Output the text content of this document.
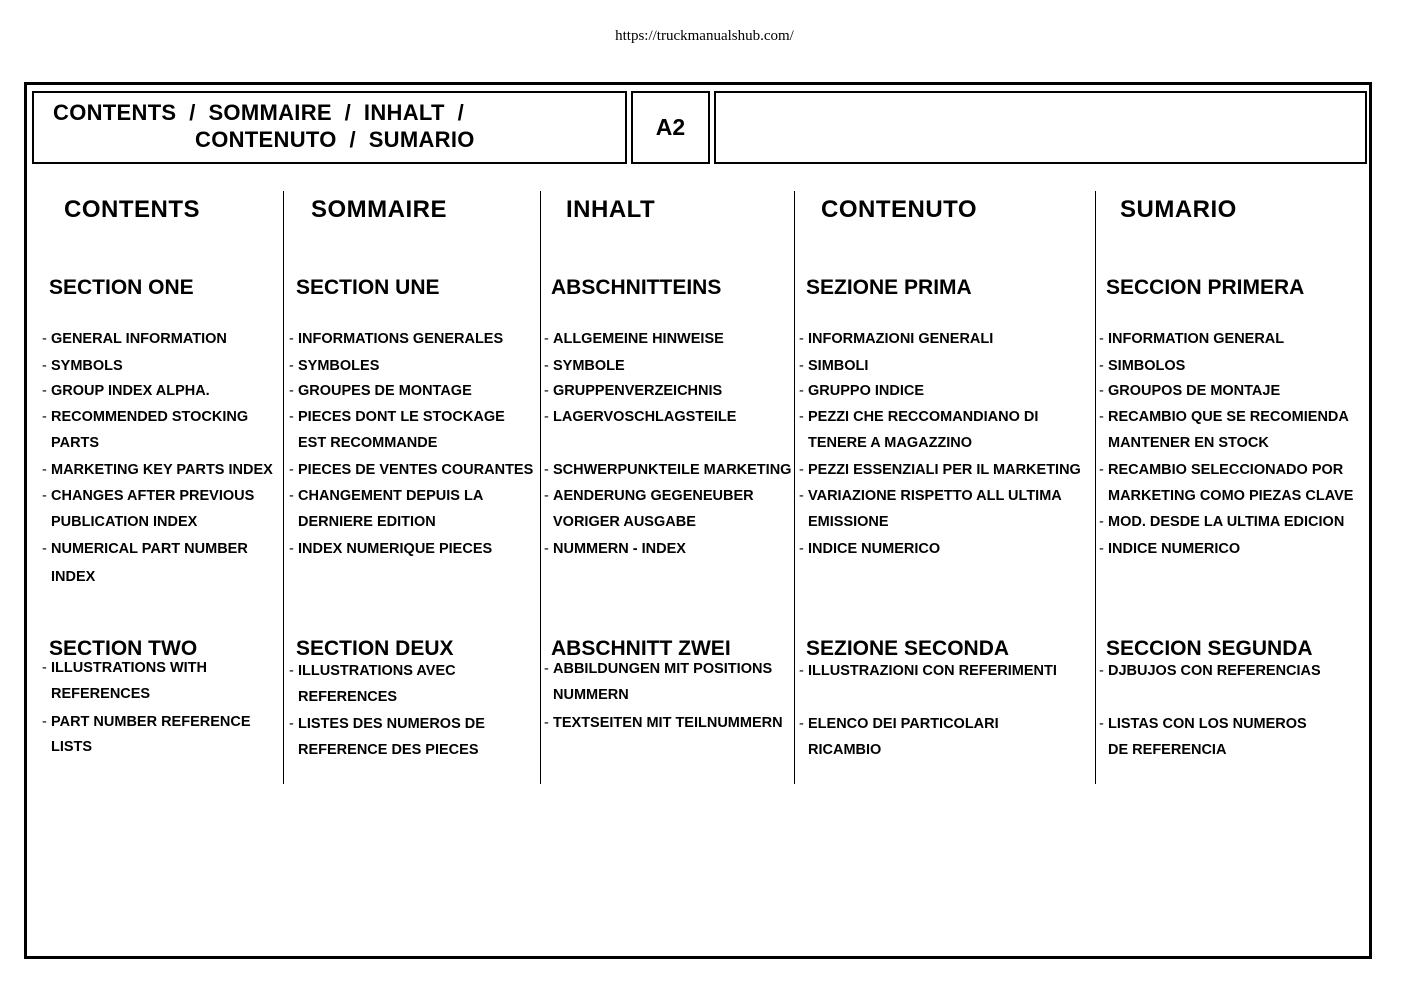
https://truckmanualshub.com/
CONTENTS  /  SOMMAIRE  /  INHALT  /
CONTENUTO  /  SUMARIO	A2
CONTENTS
SECTION ONE
- GENERAL INFORMATION
- SYMBOLS
- GROUP INDEX ALPHA.
- RECOMMENDED STOCKING
PARTS
- MARKETING KEY PARTS INDEX
- CHANGES AFTER PREVIOUS
PUBLICATION INDEX
- NUMERICAL PART NUMBER
INDEX
SECTION TWO
- ILLUSTRATIONS WITH
REFERENCES
- PART NUMBER REFERENCE
LISTS
SOMMAIRE
SECTION UNE
- INFORMATIONS GENERALES
- SYMBOLES
- GROUPES DE MONTAGE
- PIECES DONT LE STOCKAGE
EST RECOMMANDE
- PIECES DE VENTES COURANTES
- CHANGEMENT DEPUIS LA
DERNIERE EDITION
- INDEX NUMERIQUE PIECES
SECTION DEUX
- ILLUSTRATIONS AVEC
REFERENCES
- LISTES DES NUMEROS DE
REFERENCE DES PIECES
INHALT
ABSCHNITTEINS
- ALLGEMEINE HINWEISE
- SYMBOLE
- GRUPPENVERZEICHNIS
- LAGERVOSCHLAGSTEILE
- SCHWERPUNKTEILE MARKETING
- AENDERUNG GEGENEUBER
VORIGER AUSGABE
- NUMMERN - INDEX
ABSCHNITT ZWEI
- ABBILDUNGEN MIT POSITIONS
NUMMERN
- TEXTSEITEN MIT TEILNUMMERN
CONTENUTO
SEZIONE PRIMA
- INFORMAZIONI GENERALI
- SIMBOLI
- GRUPPO INDICE
- PEZZI CHE RECCOMANDIANO DI
TENERE A MAGAZZINO
- PEZZI ESSENZIALI PER IL MARKETING
- VARIAZIONE RISPETTO ALL ULTIMA
EMISSIONE
- INDICE NUMERICO
SEZIONE SECONDA
- ILLUSTRAZIONI CON REFERIMENTI
- ELENCO DEI PARTICOLARI
RICAMBIO
SUMARIO
SECCION PRIMERA
- INFORMATION GENERAL
- SIMBOLOS
- GROUPOS DE MONTAJE
- RECAMBIO QUE SE RECOMIENDA
MANTENER EN STOCK
- RECAMBIO SELECCIONADO POR
MARKETING COMO PIEZAS CLAVE
- MOD. DESDE LA ULTIMA EDICION
- INDICE NUMERICO
SECCION SEGUNDA
- DJBUJOS CON REFERENCIAS
- LISTAS CON LOS NUMEROS
DE REFERENCIA
